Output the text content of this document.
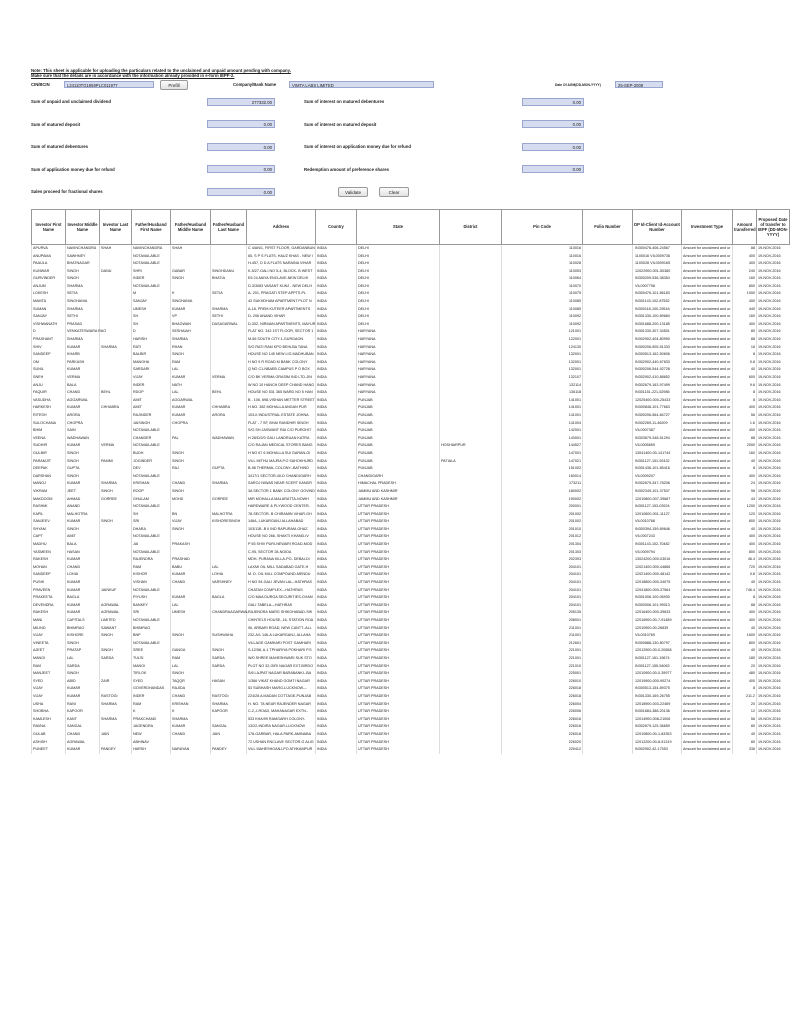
Note: This sheet is applicable for uploading the particulars related to the unclaimed and unpaid amount pending with company.
Make sure that the details are in accordance with the information already provided in e-form IEPF-2.
CIN/BCIN	L24110TG1959PLC011977	Prefill	Company/Bank Name	VIMTA LABS LIMITED	Date Of AGM(DD-MON-YYYY)	25-SEP-2009
Sum of unpaid and unclaimed dividend	277332.00	Sum of interest on matured debentures	0.00
Sum of matured deposit	0.00	Sum of interest on matured deposit	0.00
Sum of matured debentures	0.00	Sum of interest on application money due for refund	0.00
Sum of application money due for refund	0.00	Redemption amount of preference shares	0.00
Sales proceed for fractional shares	0.00	Validate	Clear
Investor First Name	Investor Middle Name	Investor Last Name	Father/Husband First Name	Father/Husband Middle Name	Father/Husband Last Name	Address	Country	State	District	Pin Code	Folio Number	DP Id-Client Id-Account Number	Investment Type	Amount transferred	Proposed Date of transfer to IEPF (DD-MON-YYYY)
APURVA	NAVINCHANDRA	SHAH	NAVINCHANDRA	SHAH		C 4/AN/1, FIRST FLOOR, GARDANBUN	INDIA	DELHI		110016		IN300476-406-24567	Amount for unclaimed and ur	88	19-NOV-2016
ANUPAMA	SAWHNEY		NOTAVAILABLE			65, S P S FLATS, HAUZ KHAS - NEW I	INDIA	DELHI		110016		1100016 VIL0009736	Amount for unclaimed and ur	400	19-NOV-2016
PAAULA	BHATNAGAR		NOTAVAILABLE			H-457, D D A FLATS NARAINA VIHAR	INDIA	DELHI		110028		1100028 VIL0009165	Amount for unclaimed and ur	400	19-NOV-2016
KUNWAR	SINGH	DANU	SHRI	GABAR	SINGHDANU	K-5/27-GALI NO 5-4, BLOCK- B WEST	INDIA	DELHI		110053		12022900-001-50380	Amount for unclaimed and ur	240	19-NOV-2016
GURVINDER	SINGH		INDER	SINGH	BHATIA	E6 24-MAYA ENCLAVE-NEW DELHI	INDIA	DELHI		110064		IN300209-536-38354	Amount for unclaimed and ur	160	19-NOV-2016
ANJUM	SHARMA		NOTAVAILABLE			D-3/3083 VASANT KUNJ - NEW DELH	INDIA	DELHI		110070		VIL0007798	Amount for unclaimed and ur	800	19-NOV-2016
LOKESH	SETIA		M	K	SETIA	A- 201, PRAGATI STEP APPTS-PL	INDIA	DELHI		110075		IN300476-101-86183	Amount for unclaimed and ur	1000	19-NOV-2016
MAMTA	SINGHANIA		SANJAY	SINGHANIA		43 SUKHDHAM APARTMENT PLOT N	INDIA	DELHI		110085		IN301143-102-87552	Amount for unclaimed and ur	400	19-NOV-2016
SUMAN	SHARMA		UMESH	KUMAR	SHARMA	A-18, PREM KUTEER APARTMENTS	INDIA	DELHI		110085		IN300118-100-29518	Amount for unclaimed and ur	440	19-NOV-2016
SANJAY	SETHI		SH	VP	SETHI	D- 206 ANAND VIHAR	INDIA	DELHI		110092		IN301330-100-89684	Amount for unclaimed and ur	160	19-NOV-2016
VISHWANATH	PRASAD		SH	BHAGWAN	DASAGARWAL	D-302, NIRMAN APARTMENTS, MAYUR	INDIA	DELHI		110092		IN301688-200-13185	Amount for unclaimed and ur	400	19-NOV-2016
D	VENKATESWARA RAO		D	SESHAIAH		FLAT NO. 343 1ST FLOOR, SECTOR 1	INDIA	HARYANA		121001		IN301330-307-34501	Amount for unclaimed and ur	80	19-NOV-2016
PRASHANT	SHARMA		HARISH	SHARMA		M-56 SOUTH CITY-1-GURGAON	INDIA	HARYANA		122001		IN302902-404-80990	Amount for unclaimed and ur	88	19-NOV-2016
SHIV	KUMAR	SHARMA	RATI	RHAN		S/O RATI RAM KPO BEHLBA TANA	INDIA	HARYANA		124130		IN300206-505-51333	Amount for unclaimed and ur	16	19-NOV-2016
SANDEEP	KHARB		BALBIR	SINGH		HOUSE NO 145 NEW LIG MADHUBAN	INDIA	HARYANA		132001		IN300513-162-50606	Amount for unclaimed and ur	8	19-NOV-2016
OM	PARKASH		MANGHA	RAM		H NO 9 R ROAD M BANK COLONY	INDIA	HARYANA		132001		IN302902-440-67833	Amount for unclaimed and ur	0.8	19-NOV-2016
SUNIL	KUMAR		SARDARI	LAL		Q NO C1-NBAEB CAMPUS P O BOX	INDIA	HARYANA		132001		IN300206-544-92728	Amount for unclaimed and ur	40	19-NOV-2016
SNEH	VERMA		VIJAY	KUMAR	VERMA	C/O BK VERMA GRASIM IND LTD-JIN	INDIA	HARYANA		132107		IN302902-410-88652	Amount for unclaimed and ur	600	19-NOV-2016
ANJU	BALA		INDER	NATH		W NO 10 HANCH DEEP CHAND HANG	INDIA	HARYANA		132114		IN302679-163-97499	Amount for unclaimed and ur	9.6	19-NOV-2016
FAQUIR	CHAND	BEHL	RDOP	LAL	BEHL	HOUSE NO 531 365 WARD NO 5 HAN	INDIA	HARYANA		136118		IN301151-221-52985	Amount for unclaimed and ur	8	19-NOV-2016
VASUDHA	AGGARWAL		AMIT	AGGARWAL		B - 106, 698-VISHAN METTER STREET	INDIA	PUNJAB		141001		12025400-000-25433	Amount for unclaimed and ur	8	19-NOV-2016
HARKESH	KUMAR	CHHABRA	AMIT	KUMAR	CHHABRA	H.NO. 382 MOHALLA ANGAN PUR	INDIA	PUNJAB		141001		IN300846-101-77663	Amount for unclaimed and ur	400	19-NOV-2016
RITESH	ARORA		RAJINDER	KUMAR	ARORA	103-II INDUSTRIAL ESTATE JOHNA	INDIA	PUNJAB		141001		IN300206-564-84727	Amount for unclaimed and ur	56	19-NOV-2016
SULOCHANA	CHOPRA		JAISINGH	CHOPRA		FLAT - 7 SF, BHAI RANDHIR SINGH	INDIA	PUNJAB		141004		IN302269-11-46209	Amount for unclaimed and ur	1.6	19-NOV-2016
BHIM	SAIN		NOTAVAILABLE			S/O SH JASWANT RAI C/O PUROHIT	INDIA	PUNJAB		142001		VIL0007387	Amount for unclaimed and ur	400	19-NOV-2016
VEENA	WADHAWAN		CHANDER	PAL	WADHAWAN	H 28/D/2/0 GALI LANDRUAN KATRA	INDIA	PUNJAB		143001		IN303679-348-51294	Amount for unclaimed and ur	88	19-NOV-2016
SUDHIR	KUMAR	VERMA	NOTAVAILABLE			C/O RAJAN MEDICAL STORES BANG	INDIA	PUNJAB	HOSHIARPUR	144527		VIL0005659	Amount for unclaimed and ur	2000	19-NOV-2016
GULBIR	SINGH		BUDH	SINGH		H NO 67 6 MOHALLA SUI GARAN-GI	INDIA	PUNJAB		147001		13041400-00-141744	Amount for unclaimed and ur	160	19-NOV-2016
PARAMJIT	SINGH	PAMMI	JOGINDER	SINGH		VILL MITHU MAJRA P.O SAHOKHURD	INDIA	PUNJAB	PATIALA	147021		IN301127-151-92432	Amount for unclaimed and ur	40	19-NOV-2016
DEEPAK	GUPTA		DEV	RAJ	GUPTA	B-98 THERMAL COLONY--BATHIND	INDIA	PUNJAB		151002		IN301436-101-85416	Amount for unclaimed and ur	8	19-NOV-2016
DARSHAN	SINGH		NOTAVAILABLE			3417/1 SECTOR-40-D CHANDIGARH	INDIA	CHANDIGARH		160014		VIL0009207	Amount for unclaimed and ur	400	19-NOV-2016
MANOJ	KUMAR	SHARMA	KRISHAN	CHAND	SHARMA	SAROJ NIWAS NEAR SCERT KANDR	INDIA	HIMACHAL PRADESH		173211		IN302679-347-78206	Amount for unclaimed and ur	24	19-NOV-2016
VIKRAM	JEET	SINGH	ROOP	SINGH		3A SECTOR 1 BANK COLONY GOVIND	INDIA	JAMMU AND KASHMIR		180002		IN302349-101-37537	Amount for unclaimed and ur	96	19-NOV-2016
MAKDOOM	AHMAD	GORREE	GHULAM	MOHD	GORREE	MIR MOHALLA MALARATTA-NOWH	INDIA	JAMMU AND KASHMIR		190002		12010800-007-39687	Amount for unclaimed and ur	44	19-NOV-2016
RASHMI	ANAND		NOTAVAILABLE			HARDWARE & PLYWOOD CENTER-	INDIA	UTTAR PRADESH		200001		IN301127-153-03924	Amount for unclaimed and ur	1200	19-NOV-2016
KAPIL	MALHOTRA		SH	BN	MALHOTRA	78-SECTOR- B CHIRAMIN VIHAR-GH	INDIA	UTTAR PRADESH		201002		12010600-001-11127	Amount for unclaimed and ur	120	19-NOV-2016
SANJEEV	KUMAR	SINGH	SRI	VIJAY	KISHORESINGH	146A, LUKARGANJ ALLAHABAD	INDIA	UTTAR PRADESH		201002		VIL0010768	Amount for unclaimed and ur	800	19-NOV-2016
SHYAM	SINGH		DHARA	SINGH		103/11B -B II IND RAPURAM-GHAZ	INDIA	UTTAR PRADESH		201010		IN300394-159-89646	Amount for unclaimed and ur	40	19-NOV-2016
CAPT	AMIT		NOTAVAILABLE			HOUSE NO 266, SHAKTI KHAND-IV	INDIA	UTTAR PRADESH		201012		VIL0007243	Amount for unclaimed and ur	400	19-NOV-2016
MADHU	BALA		JAI	PRAKASH		P 55 SHIV PURI-NEWARI ROAD-MOD	INDIA	UTTAR PRADESH		201304		IN301143-102-70482	Amount for unclaimed and ur	400	19-NOV-2016
YASMEEN	HASAN		NOTAVAILABLE			C-95, SECTOR 28-NOIDA	INDIA	UTTAR PRADESH		201303		VIL0009794	Amount for unclaimed and ur	800	19-NOV-2016
RAKESH	KUMAR		RAJENDRA	PRASHAD		MDH- PURANA KILLA-PO- DEBAI-DI	INDIA	UTTAR PRADESH		202393		13024200-000-03016	Amount for unclaimed and ur	46.4	19-NOV-2016
MOHAN	CHAND		RAM	BABU	LAL	LAXMI OIL MILL SADABAD GATE-H	INDIA	UTTAR PRADESH		204101		12021400-000-44866	Amount for unclaimed and ur	720	19-NOV-2016
SANDEEP	LOHIA		KISHOR	KUMAR	LOHIA	M. D. OIL MILL COMPOUND-MENDU	INDIA	UTTAR PRADESH		204101		12021400-000-48142	Amount for unclaimed and ur	0.8	19-NOV-2016
PUSHI	KUMAR		VISHAN	CHAND	VARSHNEY	H NO 94-GALI JEVAN LAL--HATHRAS	INDIA	UTTAR PRADESH		204101		12018800-000-34075	Amount for unclaimed and ur	40	19-NOV-2016
PRAVEEN	KUMAR	JAINKUF	NOTAVAILABLE			CHATAN COMPLEX---HATHRAS	INDIA	UTTAR PRADESH		204101		12041800-000-37564	Amount for unclaimed and ur	746.4	19-NOV-2016
PRAKEETA	BAGLA		PIYUSH	KUMAR	BAGLA	C/O MAA DURGA SECURITIES-CHAM	INDIA	UTTAR PRADESH		204101		IN301006-100-06930	Amount for unclaimed and ur	8	19-NOV-2016
DEVENDRA	KUMAR	AGRAWAL	BANKEY	LAL		GALI TABELA---HATHRAS	INDIA	UTTAR PRADESH		204101		IN300006-101-99013	Amount for unclaimed and ur	88	19-NOV-2016
RAKESH	KUMAR	AGRAWAL	SRI	UMESH	CHANDRAAGARWAL	RAJENDRA MARG SHIKOHABAD-SHI	INDIA	UTTAR PRADESH		205135		12016400-000-39633	Amount for unclaimed and ur	400	19-NOV-2016
MANI	CAPITALS	LIMITED	NOTAVAILABLE			CHINTELS HOUSE,-16, STATION ROA	INDIA	UTTAR PRADESH		208001		12016900-00-7-91489	Amount for unclaimed and ur	400	19-NOV-2016
MILIND	BHIMRAO	SAWANT	BHIMRAO			06, ARBARI ROAD, NEW CANTT.-ALL	INDIA	UTTAR PRADESH		211001		12010900-00-26839	Amount for unclaimed and ur	40	19-NOV-2016
VIJAY	KISHORE	SINGH	BNP	SINGH	SUSHWAHA	232-A/1 146-A LUKARGANJ, ALLAHA	INDIA	UTTAR PRADESH		211001		VIL0010769	Amount for unclaimed and ur	1600	19-NOV-2016
VINEETA	SINGH		NOTAVAILABLE			VILLAGE GAMHARI POST GAMHARI	INDIA	UTTAR PRADESH		212601		IN300888-130-80797	Amount for unclaimed and ur	800	19-NOV-2016
AJEET	PRATAP	SINGH	SREE	GANGA	SINGH	S-12/58, A-1 TPHARIYA POKHARI P.S	INDIA	UTTAR PRADESH		221001		12012900-00-0-20658	Amount for unclaimed and ur	40	19-NOV-2016
MANGI	LAL	SARDA	TULSI	RAM	SARDA	W/0 SHREE MAHESHWARI SUK STO	INDIA	UTTAR PRADESH		221001		IN301127-161-19674	Amount for unclaimed and ur	180	19-NOV-2016
RAVI	SARDA		MANGI	LAL	SARDA	PLOT NO 32-GIRI NAGAR EXT-BIRDO	INDIA	UTTAR PRADESH		221010		IN301127-155-54063	Amount for unclaimed and ur	20	19-NOV-2016
MANJEET	SINGH		TIRLOK	SINGH		S/6 LAJPAT NAGAR BARABANKI--BA	INDIA	UTTAR PRADESH		225001		12010900-00-0-39977	Amount for unclaimed and ur	480	19-NOV-2016
SYED	ABID	ZAIR	SYED	TAQQR	HASAN	1/366 VIKAT KHAND GOMTI NAGAR	INDIA	UTTAR PRADESH		226010		12019900-000-90274	Amount for unclaimed and ur	400	19-NOV-2016
VIJAY	KUMAR		GOVERDHANDAS	RAJIDA		53 SUBHASH MARG-LUCKNOW---	INDIA	UTTAR PRADESH		226018		IN300513-154-89375	Amount for unclaimed and ur	8	19-NOV-2016
VIJAY	KUMAR	RASTOGI	INDER	CHAND	RASTOGI	224/28 A MADAN COTTAGE-PUNJAB	INDIA	UTTAR PRADESH		226018		IN301330-169-26755	Amount for unclaimed and ur	211.2	19-NOV-2016
USHA	RANI	SHARMA	RAM	KRISHAN	SHARMA	H. NO. 78-NEAR RAJENDER NAGAR	INDIA	UTTAR PRADESH		226004		12018900-003-22469	Amount for unclaimed and ur	20	19-NOV-2016
SHOBHA	KAPOOR		K	K	KAPOOR	C-2,-I-ROAD, MAHANAGAR EXTN.-	INDIA	UTTAR PRADESH		226006		IN301684-388-20136	Amount for unclaimed and ur	12	19-NOV-2016
KAMLESH	KANT	SHARMA	PRAKCHAND	SHARMA		533 KHA/99 RAMGARH COLONY-	INDIA	UTTAR PRADESH		226016		12014900-008-21006	Amount for unclaimed and ur	56	19-NOV-2016
RAVNA	SANGAL		JAGENDRA	KUMAR	SANGAL	13/22-INDIRA NAGAR-LUCKNOW	INDIA	UTTAR PRADESH		226016		IN302679-125-36659	Amount for unclaimed and ur	80	19-NOV-2016
GULAB	CHAND	JAIN	NEW	CHAND	JAIN	178-GARBAR, HALA PARK-AMINABA	INDIA	UTTAR PRADESH		226018		12010800-00-1-83353	Amount for unclaimed and ur	40	19-NOV-2016
ASHISH	AGRAWAL		ABHINAV			72 USHAN ENCLAVE SECTOR-G ALIG	INDIA	UTTAR PRADESH		226020		12012200-00-8-51319	Amount for unclaimed and ur	80	19-NOV-2016
PUNEET	KUMAR	PANDEY	HARSH	NARAYAN	PANDEY	VILL MAHESHGANJ-PO ATHKAMPUR	INDIA	UTTAR PRADESH		229412		IN302902-42-17553	Amount for unclaimed and ur	336	19-NOV-2016
